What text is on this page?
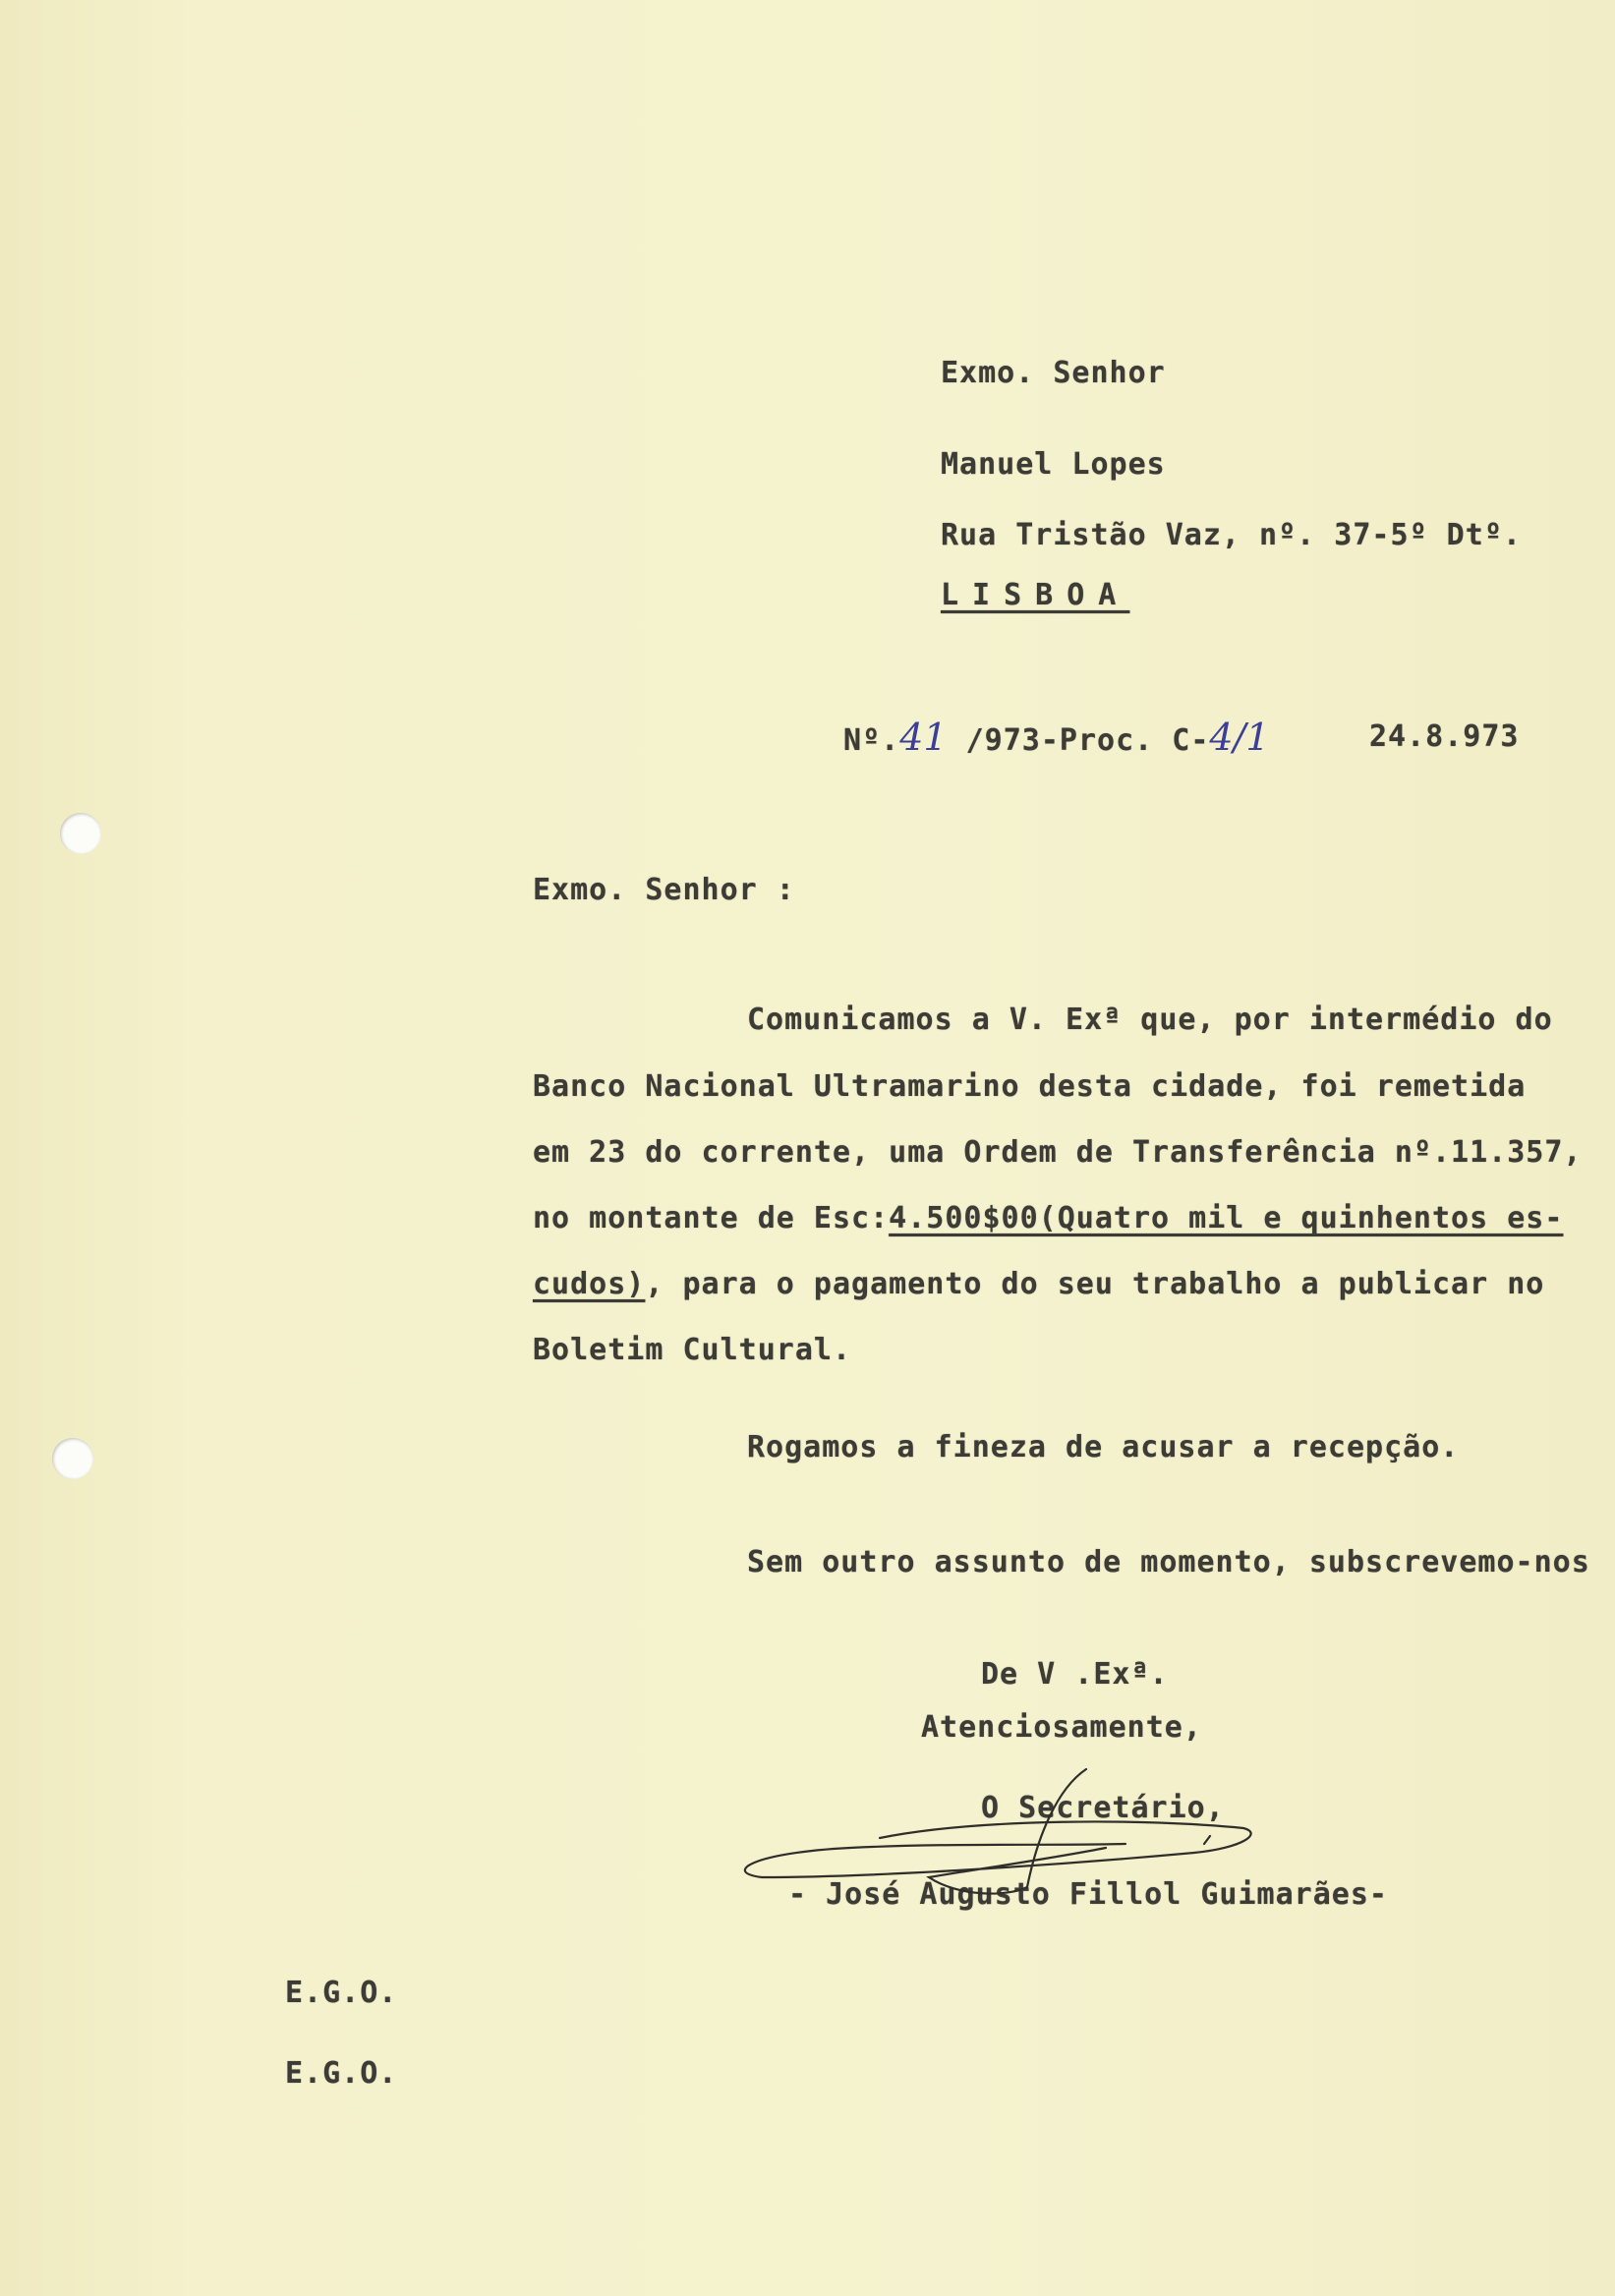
Exmo. Senhor
Manuel Lopes
Rua Tristão Vaz, nº. 37-5º Dtº.
LISBOA
Nº.41 /973-Proc. C-4/1	24.8.973
Exmo. Senhor :
Comunicamos a V. Exª que, por intermédio do
Banco Nacional Ultramarino desta cidade, foi remetida
em 23 do corrente, uma Ordem de Transferência nº.11.357,
no montante de Esc:4.500$00(Quatro mil e quinhentos es-
cudos), para o pagamento do seu trabalho a publicar no
Boletim Cultural.
Rogamos a fineza de acusar a recepção.
Sem outro assunto de momento, subscrevemo-nos
De V .Exª.
Atenciosamente,
O Secretário,
- José Augusto Fillol Guimarães-
E.G.O.
E.G.O.
